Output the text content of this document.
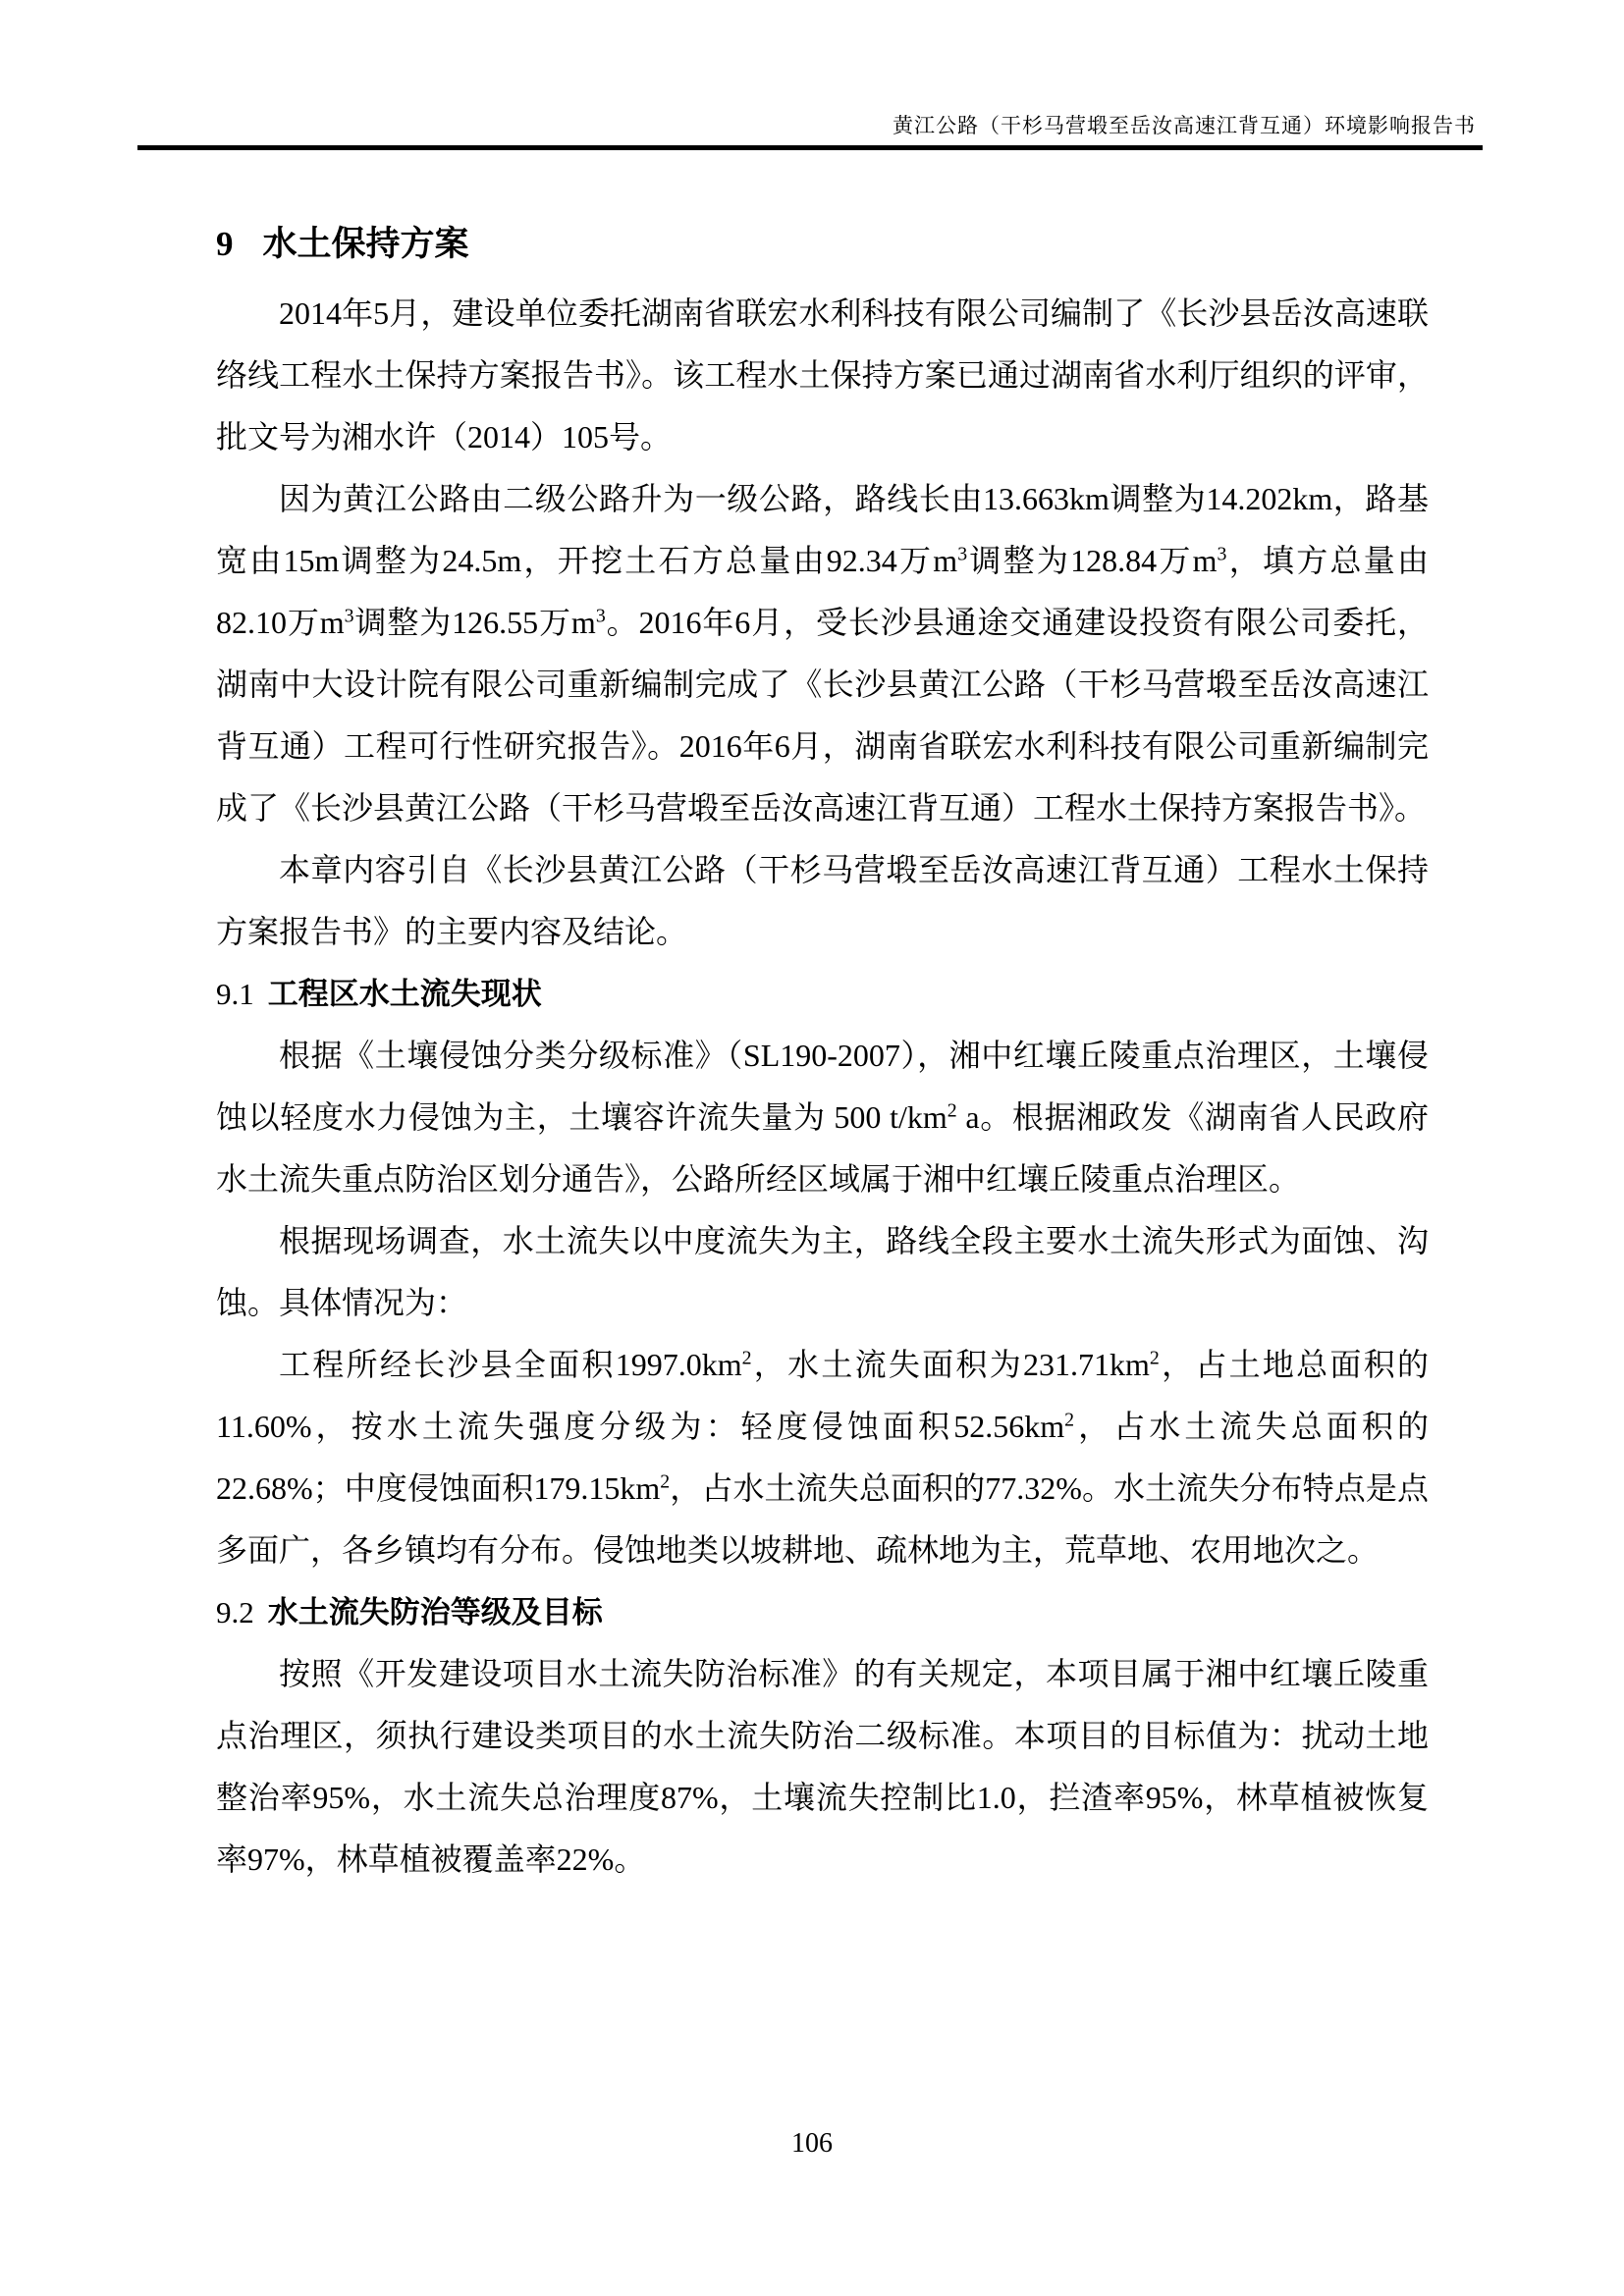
黄江公路（干杉马营塅至岳汝高速江背互通）环境影响报告书
9 水土保持方案

2014年5月，建设单位委托湖南省联宏水利科技有限公司编制了《长沙县岳汝高速联络线工程水土保持方案报告书》。该工程水土保持方案已通过湖南省水利厅组织的评审，批文号为湘水许（2014）105号。

因为黄江公路由二级公路升为一级公路，路线长由13.663km调整为14.202km，路基宽由15m调整为24.5m，开挖土石方总量由92.34万$m^3$调整为128.84万$m^3$，填方总量由82.10万$m^3$调整为126.55万$m^3$。2016年6月，受长沙县通途交通建设投资有限公司委托，湖南中大设计院有限公司重新编制完成了《长沙县黄江公路（干杉马营塅至岳汝高速江背互通）工程可行性研究报告》。2016年6月，湖南省联宏水利科技有限公司重新编制完成了《长沙县黄江公路（干杉马营塅至岳汝高速江背互通）工程水土保持方案报告书》。

本章内容引自《长沙县黄江公路（干杉马营塅至岳汝高速江背互通）工程水土保持方案报告书》的主要内容及结论。

9.1 工程区水土流失现状

根据《土壤侵蚀分类分级标准》（SL190-2007），湘中红壤丘陵重点治理区，土壤侵蚀以轻度水力侵蚀为主，土壤容许流失量为 500 $t/km^2$ a。根据湘政发《湖南省人民政府水土流失重点防治区划分通告》，公路所经区域属于湘中红壤丘陵重点治理区。

根据现场调查，水土流失以中度流失为主，路线全段主要水土流失形式为面蚀、沟蚀。具体情况为：

工程所经长沙县全面积$1997.0km^2$，水土流失面积为$231.71km^2$，占土地总面积的11.60%，按水土流失强度分级为：轻度侵蚀面积$52.56km^2$，占水土流失总面积的22.68%；中度侵蚀面积$179.15km^2$，占水土流失总面积的77.32%。水土流失分布特点是点多面广，各乡镇均有分布。侵蚀地类以坡耕地、疏林地为主，荒草地、农用地次之。

9.2 水土流失防治等级及目标

按照《开发建设项目水土流失防治标准》的有关规定，本项目属于湘中红壤丘陵重点治理区，须执行建设类项目的水土流失防治二级标准。本项目的目标值为：扰动土地整治率95%，水土流失总治理度87%，土壤流失控制比1.0，拦渣率95%，林草植被恢复率97%，林草植被覆盖率22%。

106
